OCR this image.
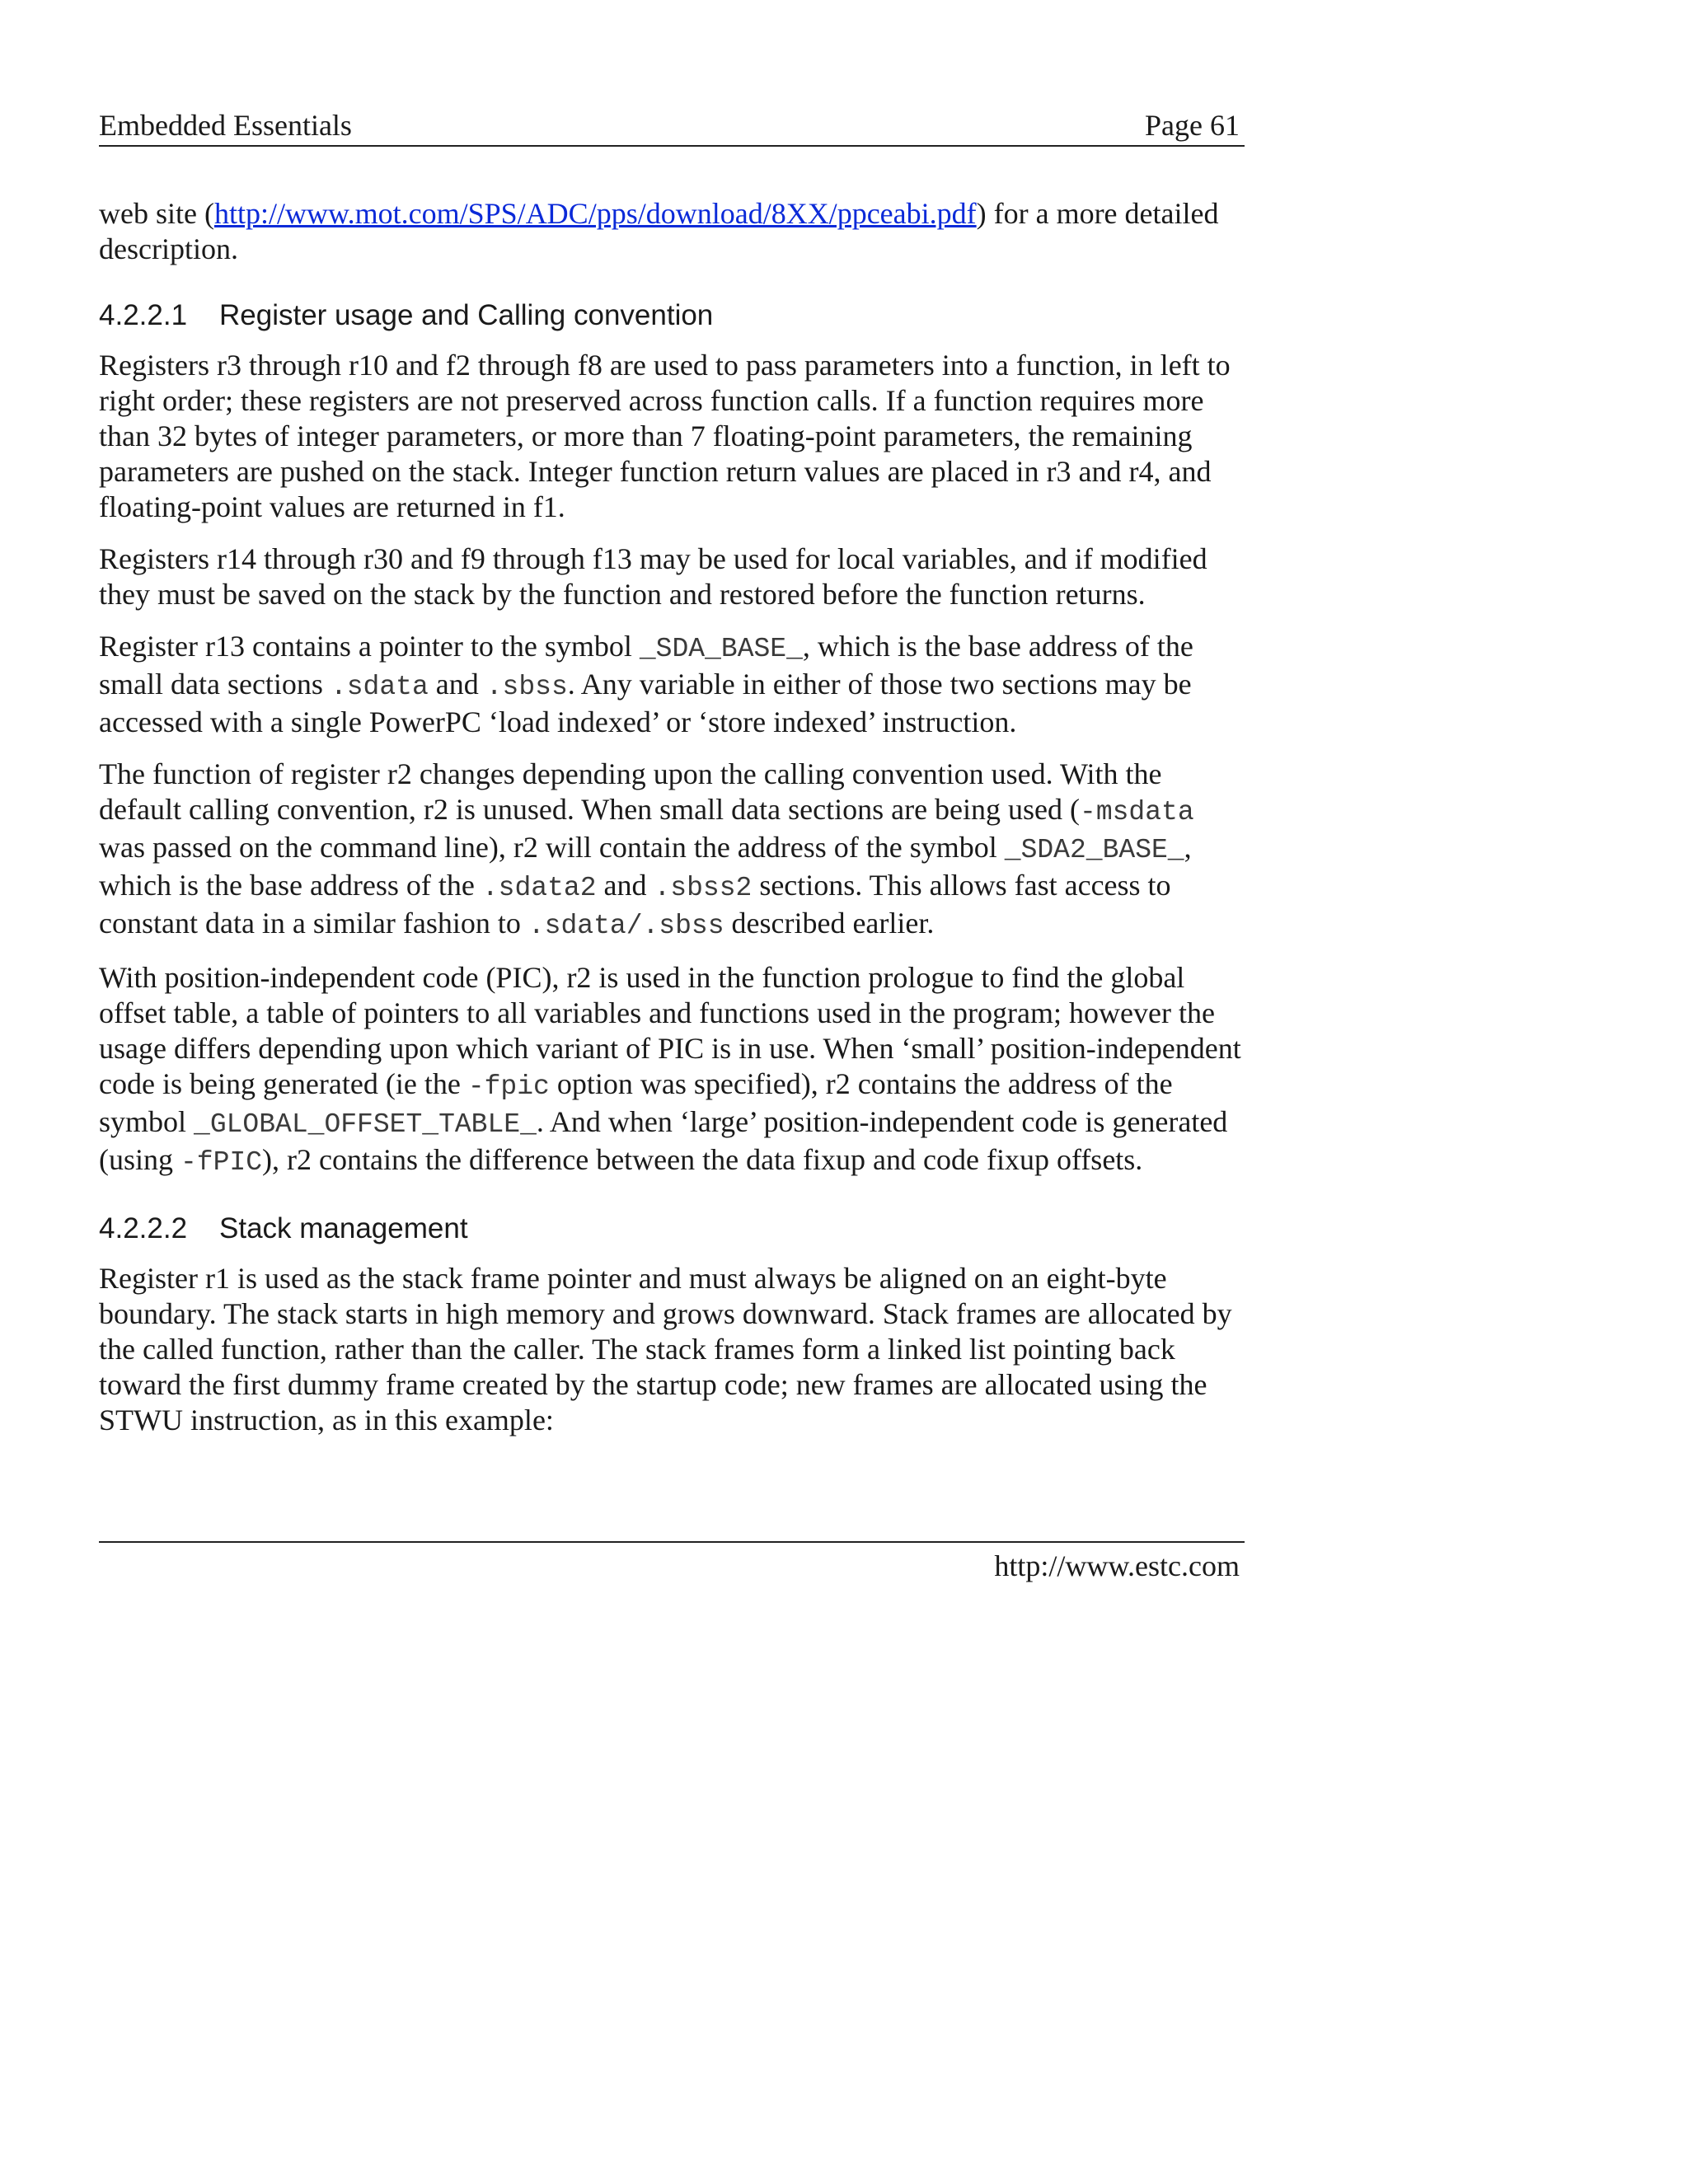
Embedded Essentials	Page 61

web site (http://www.mot.com/SPS/ADC/pps/download/8XX/ppceabi.pdf) for a more detailed description.

4.2.2.1 Register usage and Calling convention

Registers r3 through r10 and f2 through f8 are used to pass parameters into a function, in left to right order; these registers are not preserved across function calls. If a function requires more than 32 bytes of integer parameters, or more than 7 floating-point parameters, the remaining parameters are pushed on the stack. Integer function return values are placed in r3 and r4, and floating-point values are returned in f1.

Registers r14 through r30 and f9 through f13 may be used for local variables, and if modified they must be saved on the stack by the function and restored before the function returns.

Register r13 contains a pointer to the symbol _SDA_BASE_, which is the base address of the small data sections .sdata and .sbss. Any variable in either of those two sections may be accessed with a single PowerPC ‘load indexed’ or ‘store indexed’ instruction.

The function of register r2 changes depending upon the calling convention used. With the default calling convention, r2 is unused. When small data sections are being used (-msdata was passed on the command line), r2 will contain the address of the symbol _SDA2_BASE_, which is the base address of the .sdata2 and .sbss2 sections. This allows fast access to constant data in a similar fashion to .sdata/.sbss described earlier.

With position-independent code (PIC), r2 is used in the function prologue to find the global offset table, a table of pointers to all variables and functions used in the program; however the usage differs depending upon which variant of PIC is in use. When ‘small’ position-independent code is being generated (ie the -fpic option was specified), r2 contains the address of the symbol _GLOBAL_OFFSET_TABLE_. And when ‘large’ position-independent code is generated (using -fPIC), r2 contains the difference between the data fixup and code fixup offsets.

4.2.2.2 Stack management

Register r1 is used as the stack frame pointer and must always be aligned on an eight-byte boundary. The stack starts in high memory and grows downward. Stack frames are allocated by the called function, rather than the caller. The stack frames form a linked list pointing back toward the first dummy frame created by the startup code; new frames are allocated using the STWU instruction, as in this example:

http://www.estc.com
